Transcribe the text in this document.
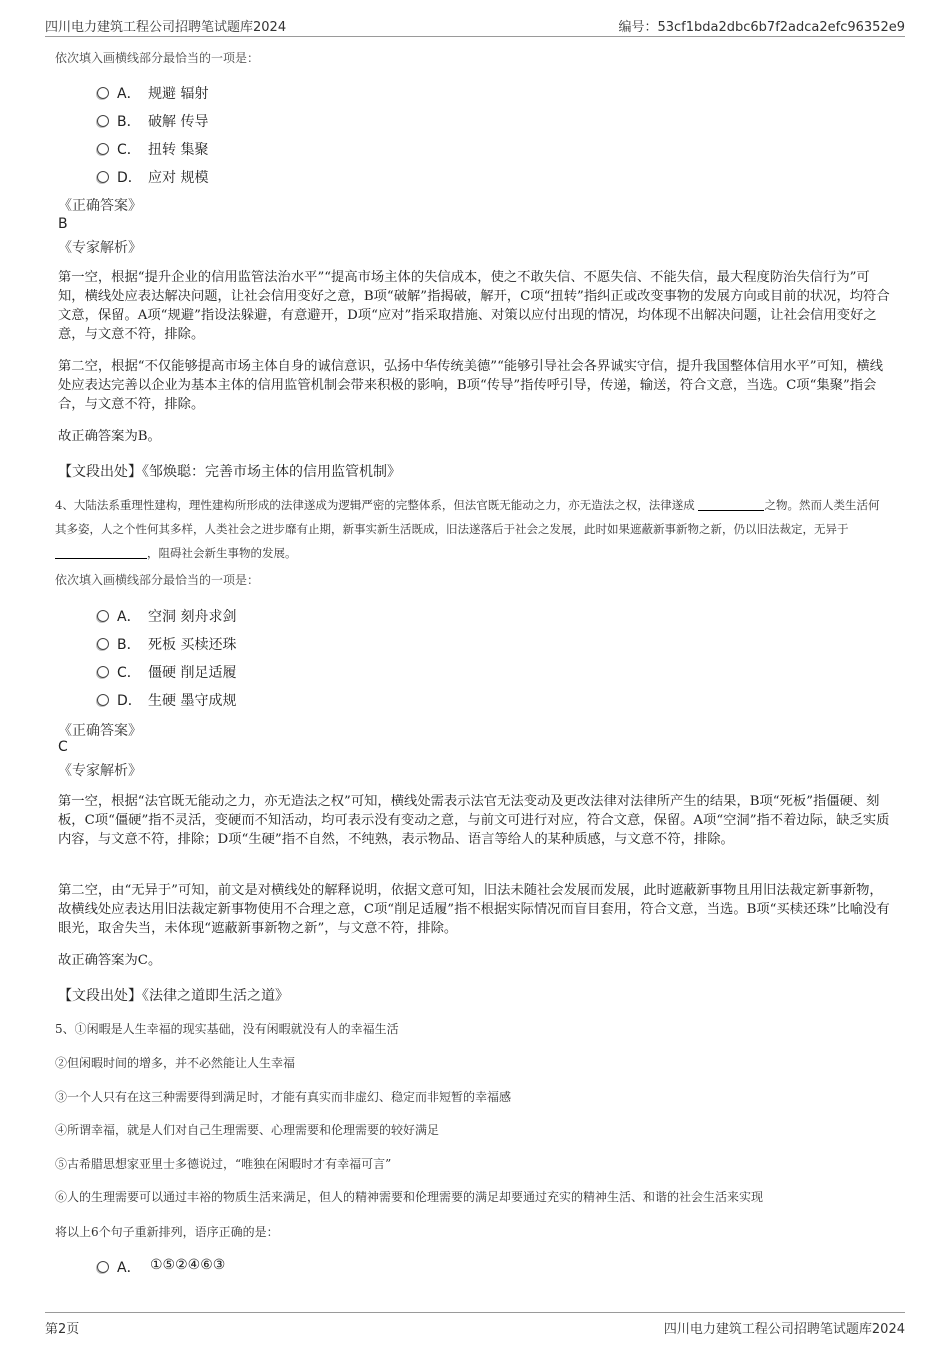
四川电力建筑工程公司招聘笔试题库2024	编号：53cf1bda2dbc6b7f2adca2efc96352e9
依次填入画横线部分最恰当的一项是：
A． 规避 辐射
B． 破解 传导
C． 扭转 集聚
D． 应对 规模
《正确答案》
B
《专家解析》

第一空，根据“提升企业的信用监管法治水平”“提高市场主体的失信成本，使之不敢失信、不愿失信、不能失信，最大程度防治失信行为”可知，横线处应表达解决问题，让社会信用变好之意，B项“破解”指揭破，解开，C项“扭转”指纠正或改变事物的发展方向或目前的状况，均符合文意，保留。A项“规避”指设法躲避，有意避开，D项“应对”指采取措施、对策以应付出现的情况，均体现不出解决问题，让社会信用变好之意，与文意不符，排除。

第二空，根据“不仅能够提高市场主体自身的诚信意识，弘扬中华传统美德”“能够引导社会各界诚实守信，提升我国整体信用水平”可知，横线处应表达完善以企业为基本主体的信用监管机制会带来积极的影响，B项“传导”指传呼引导，传递，输送，符合文意，当选。C项“集聚”指会合，与文意不符，排除。

故正确答案为B。

【文段出处】《邹焕聪：完善市场主体的信用监管机制》

4、大陆法系重理性建构，理性建构所形成的法律遂成为逻辑严密的完整体系，但法官既无能动之力，亦无造法之权，法律遂成	之物。然而人类生活何其多姿，人之个性何其多样，人类社会之进步靡有止期，新事实新生活既成，旧法遂落后于社会之发展，此时如果遮蔽新事新物之新，仍以旧法裁定，无异于 ，阻碍社会新生事物的发展。

依次填入画横线部分最恰当的一项是：
A． 空洞 刻舟求剑
B． 死板 买椟还珠
C． 僵硬 削足适履
D． 生硬 墨守成规
《正确答案》
C
《专家解析》

第一空，根据“法官既无能动之力，亦无造法之权”可知，横线处需表示法官无法变动及更改法律对法律所产生的结果，B项“死板”指僵硬、刻板，C项“僵硬”指不灵活，变硬而不知活动，均可表示没有变动之意，与前文可进行对应，符合文意，保留。A项“空洞”指不着边际，缺乏实质内容，与文意不符，排除；D项“生硬”指不自然，不纯熟，表示物品、语言等给人的某种质感，与文意不符，排除。

第二空，由“无异于”可知，前文是对横线处的解释说明，依据文意可知，旧法未随社会发展而发展，此时遮蔽新事物且用旧法裁定新事新物，故横线处应表达用旧法裁定新事物使用不合理之意，C项“削足适履”指不根据实际情况而盲目套用，符合文意，当选。B项“买椟还珠”比喻没有眼光，取舍失当，未体现“遮蔽新事新物之新”，与文意不符，排除。

故正确答案为C。

【文段出处】《法律之道即生活之道》
5、①闲暇是人生幸福的现实基础，没有闲暇就没有人的幸福生活
②但闲暇时间的增多，并不必然能让人生幸福
③一个人只有在这三种需要得到满足时，才能有真实而非虚幻、稳定而非短暂的幸福感
④所谓幸福，就是人们对自己生理需要、心理需要和伦理需要的较好满足
⑤古希腊思想家亚里士多德说过，“唯独在闲暇时才有幸福可言”
⑥人的生理需要可以通过丰裕的物质生活来满足，但人的精神需要和伦理需要的满足却要通过充实的精神生活、和谐的社会生活来实现
将以上6个句子重新排列，语序正确的是：
A． ①⑤②④⑥③
第2页	四川电力建筑工程公司招聘笔试题库2024
